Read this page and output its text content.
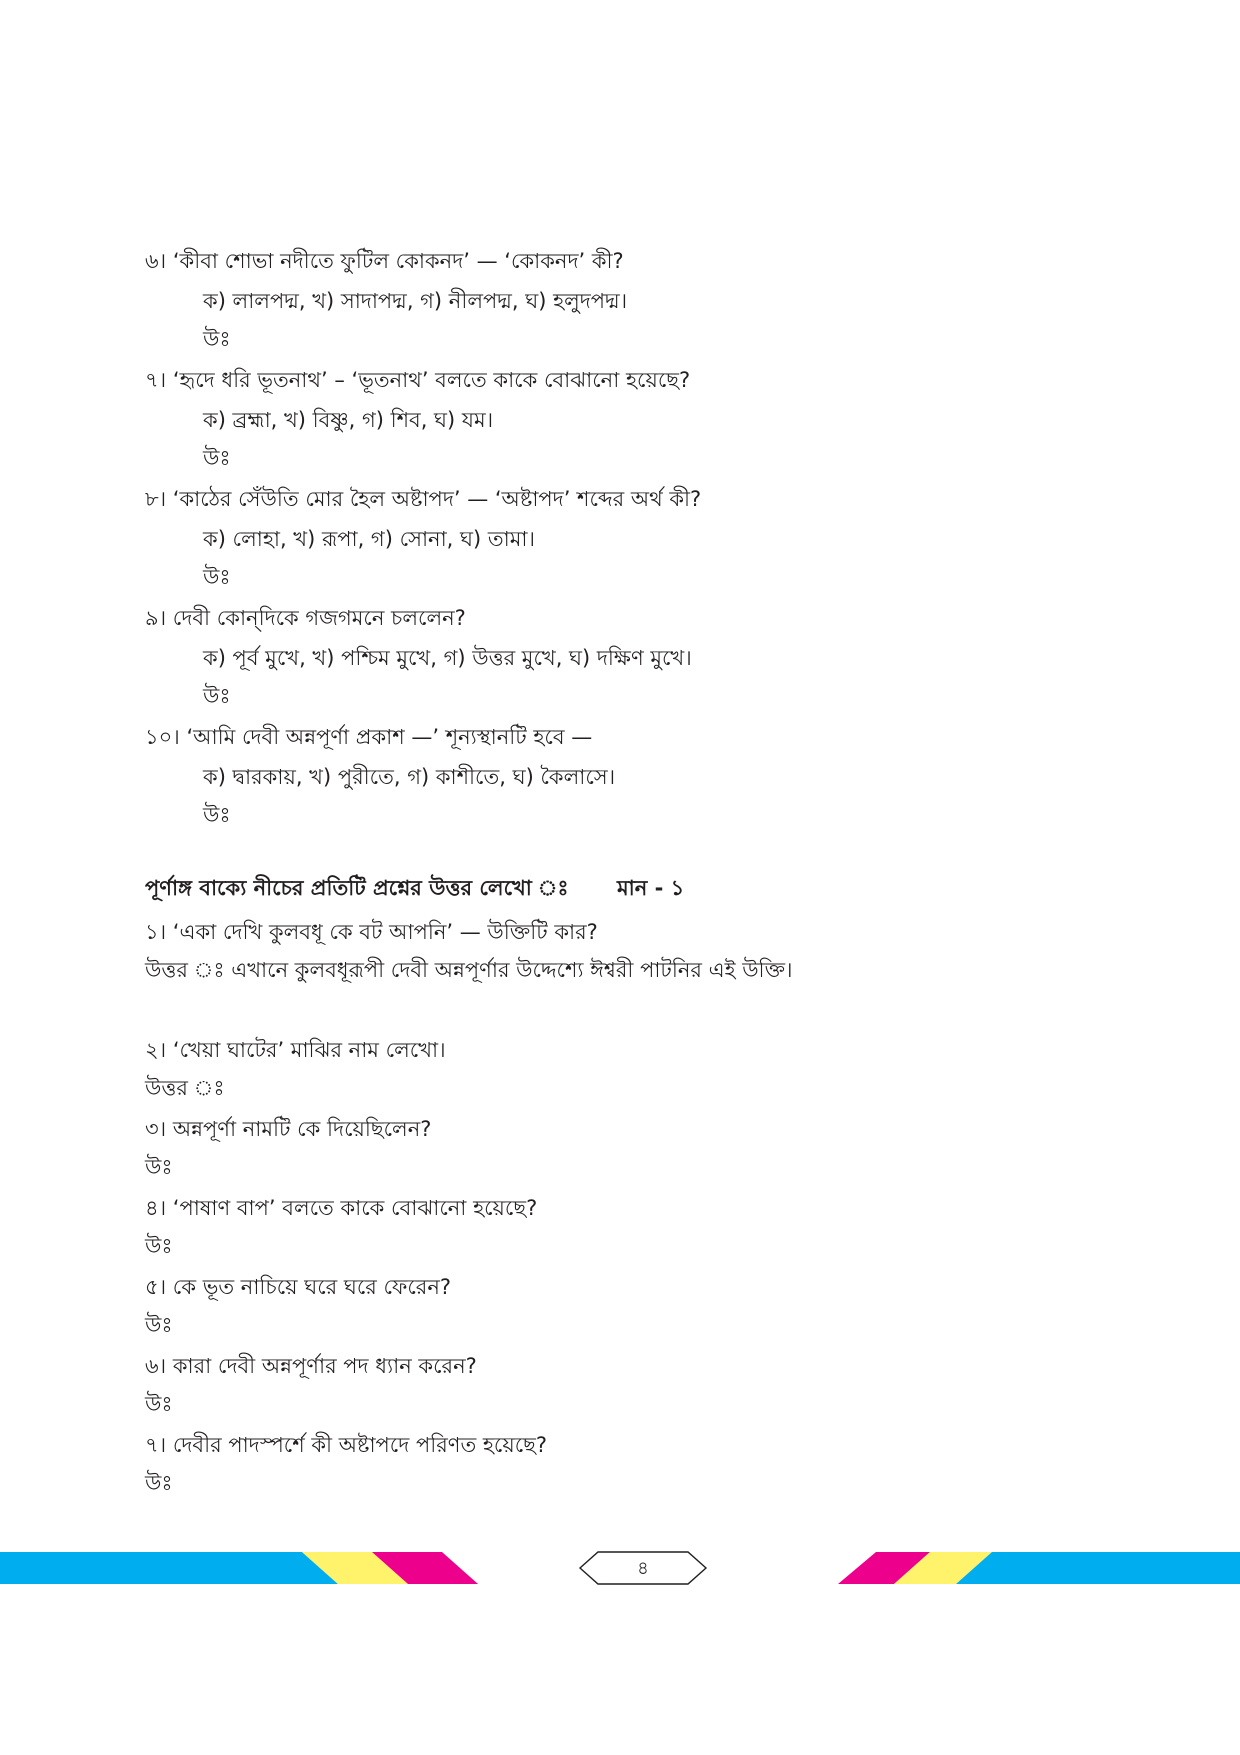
৬। ‘কীবা শোভা নদীতে ফুটিল কোকনদ’ — ‘কোকনদ’ কী?
ক) লালপদ্ম, খ) সাদাপদ্ম, গ) নীলপদ্ম, ঘ) হলুদপদ্ম।
উঃ
৭। ‘হৃদে ধরি ভূতনাথ’ – ‘ভূতনাথ’ বলতে কাকে বোঝানো হয়েছে?
ক) ব্রহ্মা, খ) বিষ্ণু, গ) শিব, ঘ) যম।
উঃ
৮। ‘কাঠের সেঁউতি মোর হৈল অষ্টাপদ’ — ‘অষ্টাপদ’ শব্দের অর্থ কী?
ক) লোহা, খ) রূপা, গ) সোনা, ঘ) তামা।
উঃ
৯। দেবী কোন্‌দিকে গজগমনে চললেন?
ক) পূর্ব মুখে, খ) পশ্চিম মুখে, গ) উত্তর মুখে, ঘ) দক্ষিণ মুখে।
উঃ
১০। ‘আমি দেবী অন্নপূর্ণা প্রকাশ —’ শূন্যস্থানটি হবে —
ক) দ্বারকায়, খ) পুরীতে, গ) কাশীতে, ঘ) কৈলাসে।
উঃ
পূর্ণাঙ্গ বাক্যে নীচের প্রতিটি প্রশ্নের উত্তর লেখো ঃ মান - ১
১। ‘একা দেখি কুলবধূ কে বট আপনি’ — উক্তিটি কার?
উত্তর ঃ এখানে কুলবধূরূপী দেবী অন্নপূর্ণার উদ্দেশ্যে ঈশ্বরী পাটনির এই উক্তি।
২। ‘খেয়া ঘাটের’ মাঝির নাম লেখো।
উত্তর ঃ
৩। অন্নপূর্ণা নামটি কে দিয়েছিলেন?
উঃ
৪। ‘পাষাণ বাপ’ বলতে কাকে বোঝানো হয়েছে?
উঃ
৫। কে ভূত নাচিয়ে ঘরে ঘরে ফেরেন?
উঃ
৬। কারা দেবী অন্নপূর্ণার পদ ধ্যান করেন?
উঃ
৭। দেবীর পাদস্পর্শে কী অষ্টাপদে পরিণত হয়েছে?
উঃ
৪
